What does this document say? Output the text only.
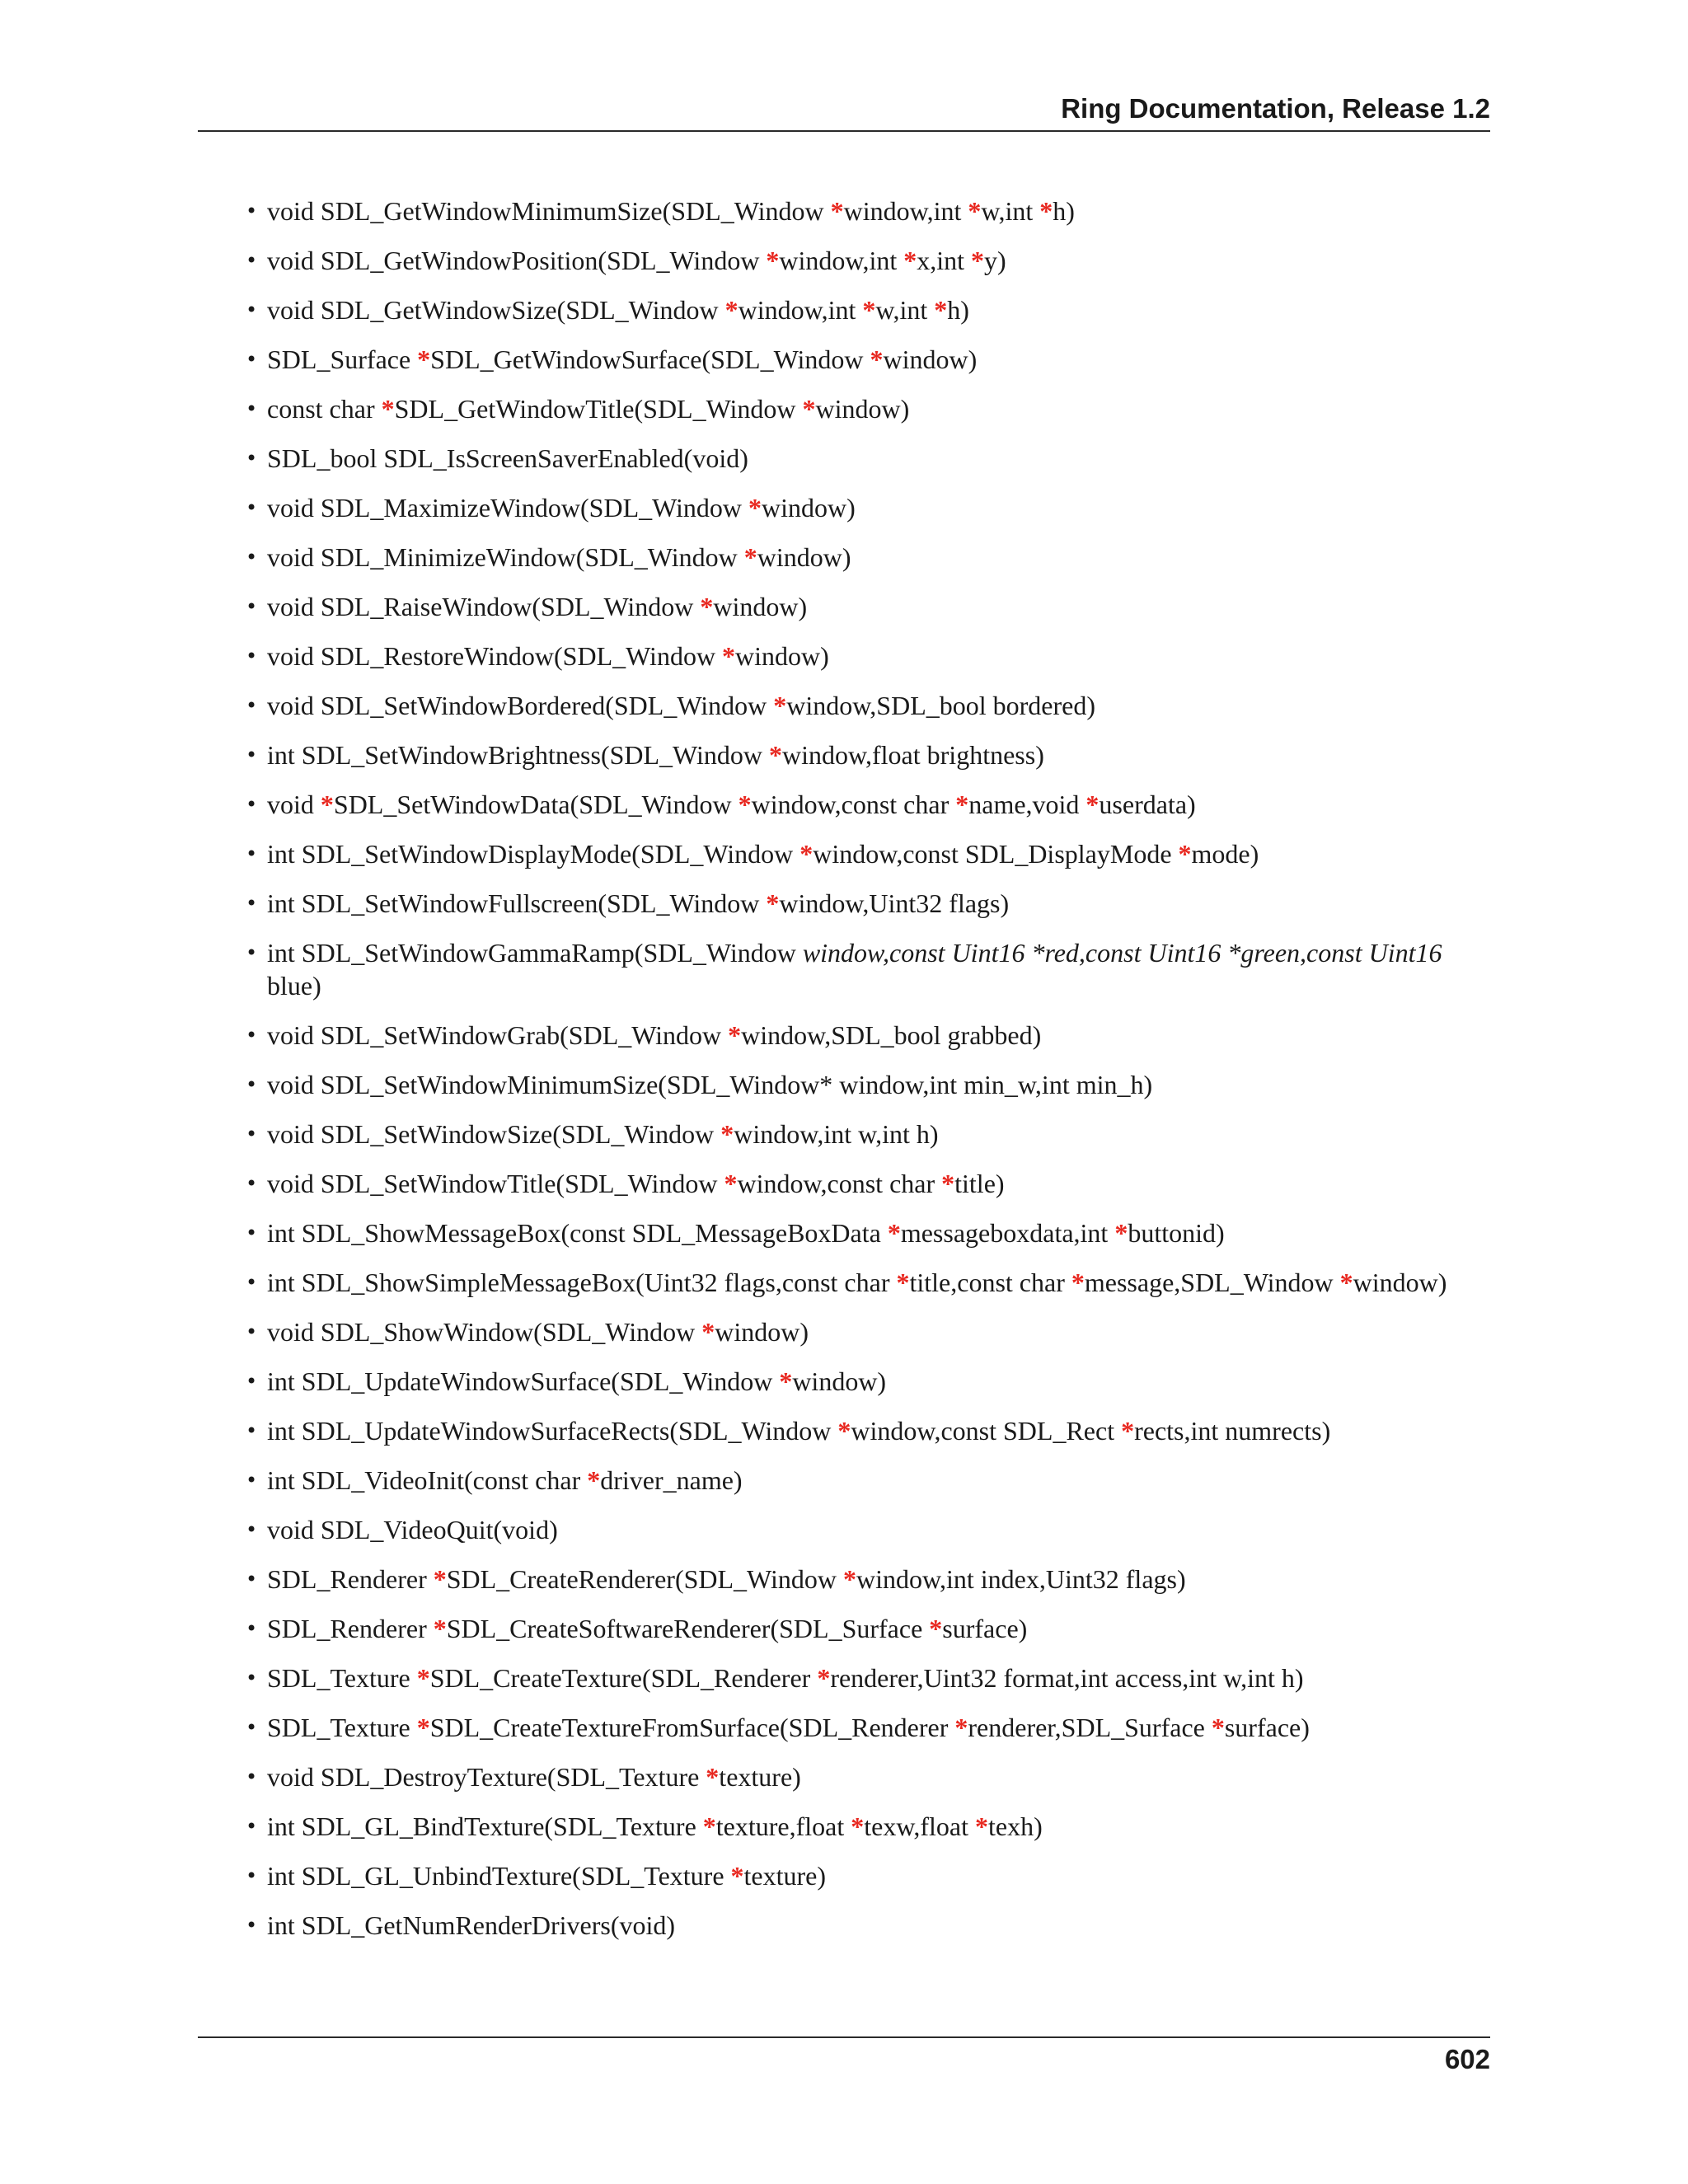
Ring Documentation, Release 1.2
• void SDL_GetWindowMinimumSize(SDL_Window *window,int *w,int *h)
• void SDL_GetWindowPosition(SDL_Window *window,int *x,int *y)
• void SDL_GetWindowSize(SDL_Window *window,int *w,int *h)
• SDL_Surface *SDL_GetWindowSurface(SDL_Window *window)
• const char *SDL_GetWindowTitle(SDL_Window *window)
• SDL_bool SDL_IsScreenSaverEnabled(void)
• void SDL_MaximizeWindow(SDL_Window *window)
• void SDL_MinimizeWindow(SDL_Window *window)
• void SDL_RaiseWindow(SDL_Window *window)
• void SDL_RestoreWindow(SDL_Window *window)
• void SDL_SetWindowBordered(SDL_Window *window,SDL_bool bordered)
• int SDL_SetWindowBrightness(SDL_Window *window,float brightness)
• void *SDL_SetWindowData(SDL_Window *window,const char *name,void *userdata)
• int SDL_SetWindowDisplayMode(SDL_Window *window,const SDL_DisplayMode *mode)
• int SDL_SetWindowFullscreen(SDL_Window *window,Uint32 flags)
• int SDL_SetWindowGammaRamp(SDL_Window window,const Uint16 *red,const Uint16 *green,const Uint16 blue)
• void SDL_SetWindowGrab(SDL_Window *window,SDL_bool grabbed)
• void SDL_SetWindowMinimumSize(SDL_Window* window,int min_w,int min_h)
• void SDL_SetWindowSize(SDL_Window *window,int w,int h)
• void SDL_SetWindowTitle(SDL_Window *window,const char *title)
• int SDL_ShowMessageBox(const SDL_MessageBoxData *messageboxdata,int *buttonid)
• int SDL_ShowSimpleMessageBox(Uint32 flags,const char *title,const char *message,SDL_Window *window)
• void SDL_ShowWindow(SDL_Window *window)
• int SDL_UpdateWindowSurface(SDL_Window *window)
• int SDL_UpdateWindowSurfaceRects(SDL_Window *window,const SDL_Rect *rects,int numrects)
• int SDL_VideoInit(const char *driver_name)
• void SDL_VideoQuit(void)
• SDL_Renderer *SDL_CreateRenderer(SDL_Window *window,int index,Uint32 flags)
• SDL_Renderer *SDL_CreateSoftwareRenderer(SDL_Surface *surface)
• SDL_Texture *SDL_CreateTexture(SDL_Renderer *renderer,Uint32 format,int access,int w,int h)
• SDL_Texture *SDL_CreateTextureFromSurface(SDL_Renderer *renderer,SDL_Surface *surface)
• void SDL_DestroyTexture(SDL_Texture *texture)
• int SDL_GL_BindTexture(SDL_Texture *texture,float *texw,float *texh)
• int SDL_GL_UnbindTexture(SDL_Texture *texture)
• int SDL_GetNumRenderDrivers(void)
602
